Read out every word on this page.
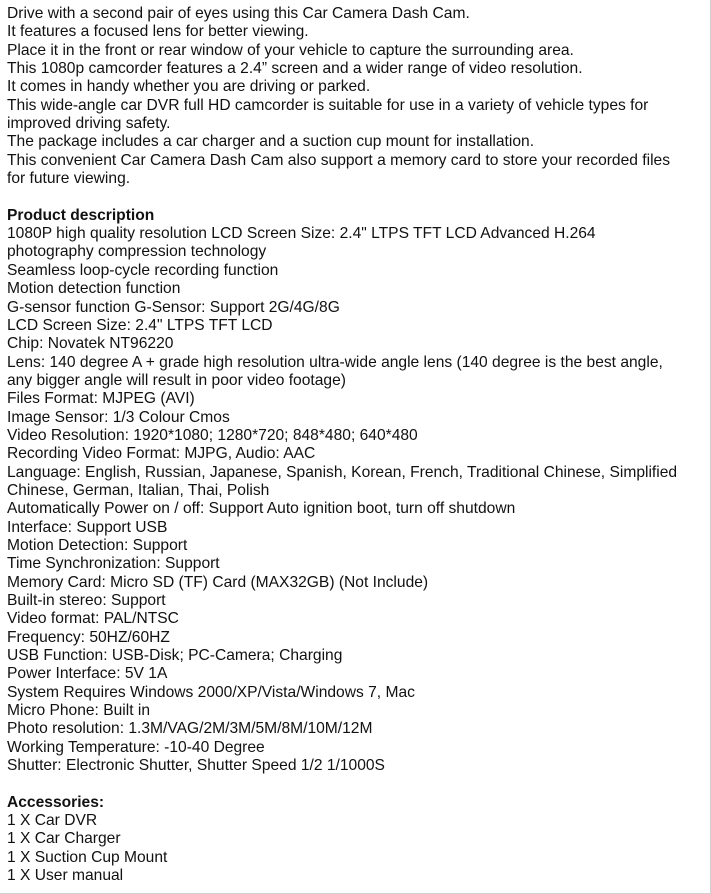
Drive with a second pair of eyes using this Car Camera Dash Cam.
It features a focused lens for better viewing.
Place it in the front or rear window of your vehicle to capture the surrounding area.
This 1080p camcorder features a 2.4” screen and a wider range of video resolution.
It comes in handy whether you are driving or parked.
This wide-angle car DVR full HD camcorder is suitable for use in a variety of vehicle types for
improved driving safety.
The package includes a car charger and a suction cup mount for installation.
This convenient Car Camera Dash Cam also support a memory card to store your recorded files
for future viewing.
Product description
1080P high quality resolution LCD Screen Size: 2.4" LTPS TFT LCD Advanced H.264
photography compression technology
Seamless loop-cycle recording function
Motion detection function
G-sensor function G-Sensor: Support 2G/4G/8G
LCD Screen Size: 2.4" LTPS TFT LCD
Chip: Novatek NT96220
Lens: 140 degree A + grade high resolution ultra-wide angle lens (140 degree is the best angle,
any bigger angle will result in poor video footage)
Files Format: MJPEG (AVI)
Image Sensor: 1/3 Colour Cmos
Video Resolution: 1920*1080; 1280*720; 848*480; 640*480
Recording Video Format: MJPG, Audio: AAC
Language: English, Russian, Japanese, Spanish, Korean, French, Traditional Chinese, Simplified
Chinese, German, Italian, Thai, Polish
Automatically Power on / off: Support Auto ignition boot, turn off shutdown
Interface: Support USB
Motion Detection: Support
Time Synchronization: Support
Memory Card: Micro SD (TF) Card (MAX32GB) (Not Include)
Built-in stereo: Support
Video format: PAL/NTSC
Frequency: 50HZ/60HZ
USB Function: USB-Disk; PC-Camera; Charging
Power Interface: 5V 1A
System Requires Windows 2000/XP/Vista/Windows 7, Mac
Micro Phone: Built in
Photo resolution: 1.3M/VAG/2M/3M/5M/8M/10M/12M
Working Temperature: -10-40 Degree
Shutter: Electronic Shutter, Shutter Speed 1/2 1/1000S
Accessories:
1 X Car DVR
1 X Car Charger
1 X Suction Cup Mount
1 X User manual
